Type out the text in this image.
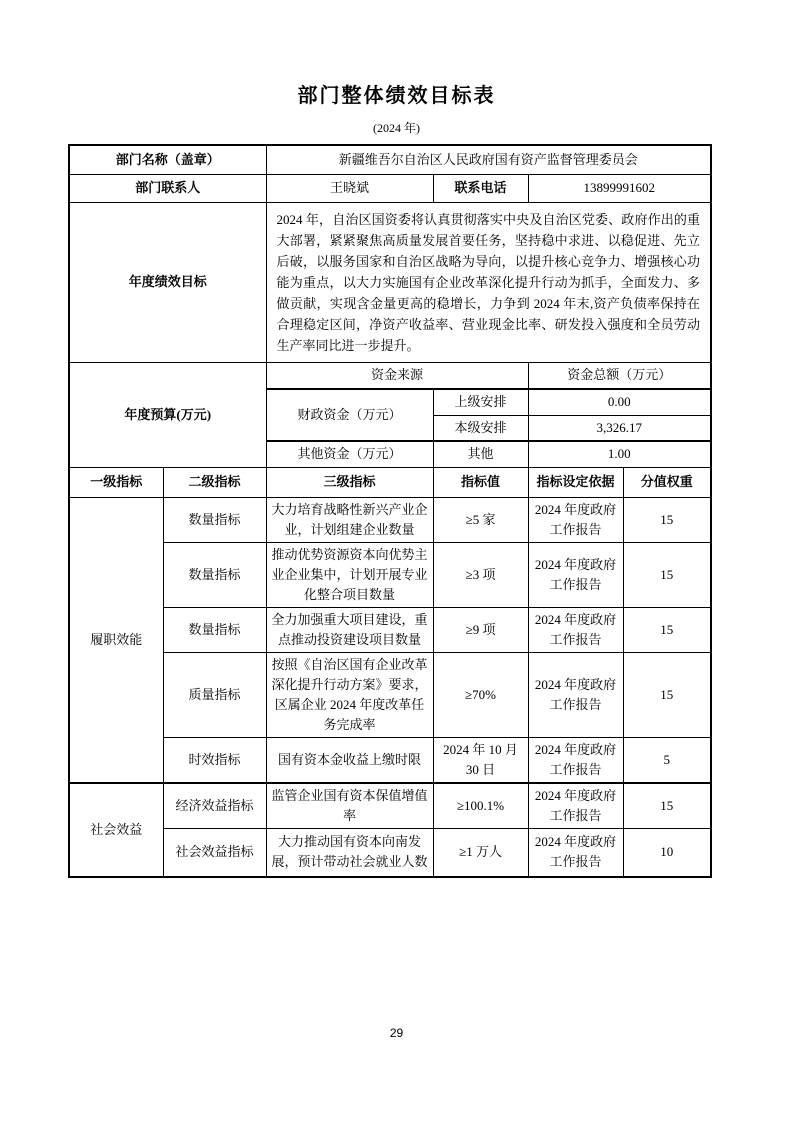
部门整体绩效目标表
(2024 年)
部门名称（盖章）		新疆维吾尔自治区人民政府国有资产监督管理委员会			
部门联系人		王晓斌	联系电话	13899991602	
年度绩效目标		2024 年，自治区国资委将认真贯彻落实中央及自治区党委、政府作出的重大部署，紧紧聚焦高质量发展首要任务，坚持稳中求进、以稳促进、先立后破，以服务国家和自治区战略为导向，以提升核心竞争力、增强核心功能为重点，以大力实施国有企业改革深化提升行动为抓手，全面发力、多做贡献，实现含金量更高的稳增长，力争到 2024 年末,资产负债率保持在合理稳定区间，净资产收益率、营业现金比率、研发投入强度和全员劳动生产率同比进一步提升。			
年度预算(万元)		资金来源		资金总额（万元）	
		财政资金（万元）	上级安排	0.00	
			本级安排	3,326.17	
		其他资金（万元）	其他	1.00	
一级指标	二级指标	三级指标	指标值	指标设定依据	分值权重
履职效能	数量指标	大力培育战略性新兴产业企业，计划组建企业数量	≥5 家	2024 年度政府工作报告	15
	数量指标	推动优势资源资本向优势主业企业集中，计划开展专业化整合项目数量	≥3 项	2024 年度政府工作报告	15
	数量指标	全力加强重大项目建设，重点推动投资建设项目数量	≥9 项	2024 年度政府工作报告	15
	质量指标	按照《自治区国有企业改革深化提升行动方案》要求，区属企业 2024 年度改革任务完成率	≥70%	2024 年度政府工作报告	15
	时效指标	国有资本金收益上缴时限	2024 年 10 月 30 日	2024 年度政府工作报告	5
社会效益	经济效益指标	监管企业国有资本保值增值率	≥100.1%	2024 年度政府工作报告	15
	社会效益指标	大力推动国有资本向南发展，预计带动社会就业人数	≥1 万人	2024 年度政府工作报告	10
29
